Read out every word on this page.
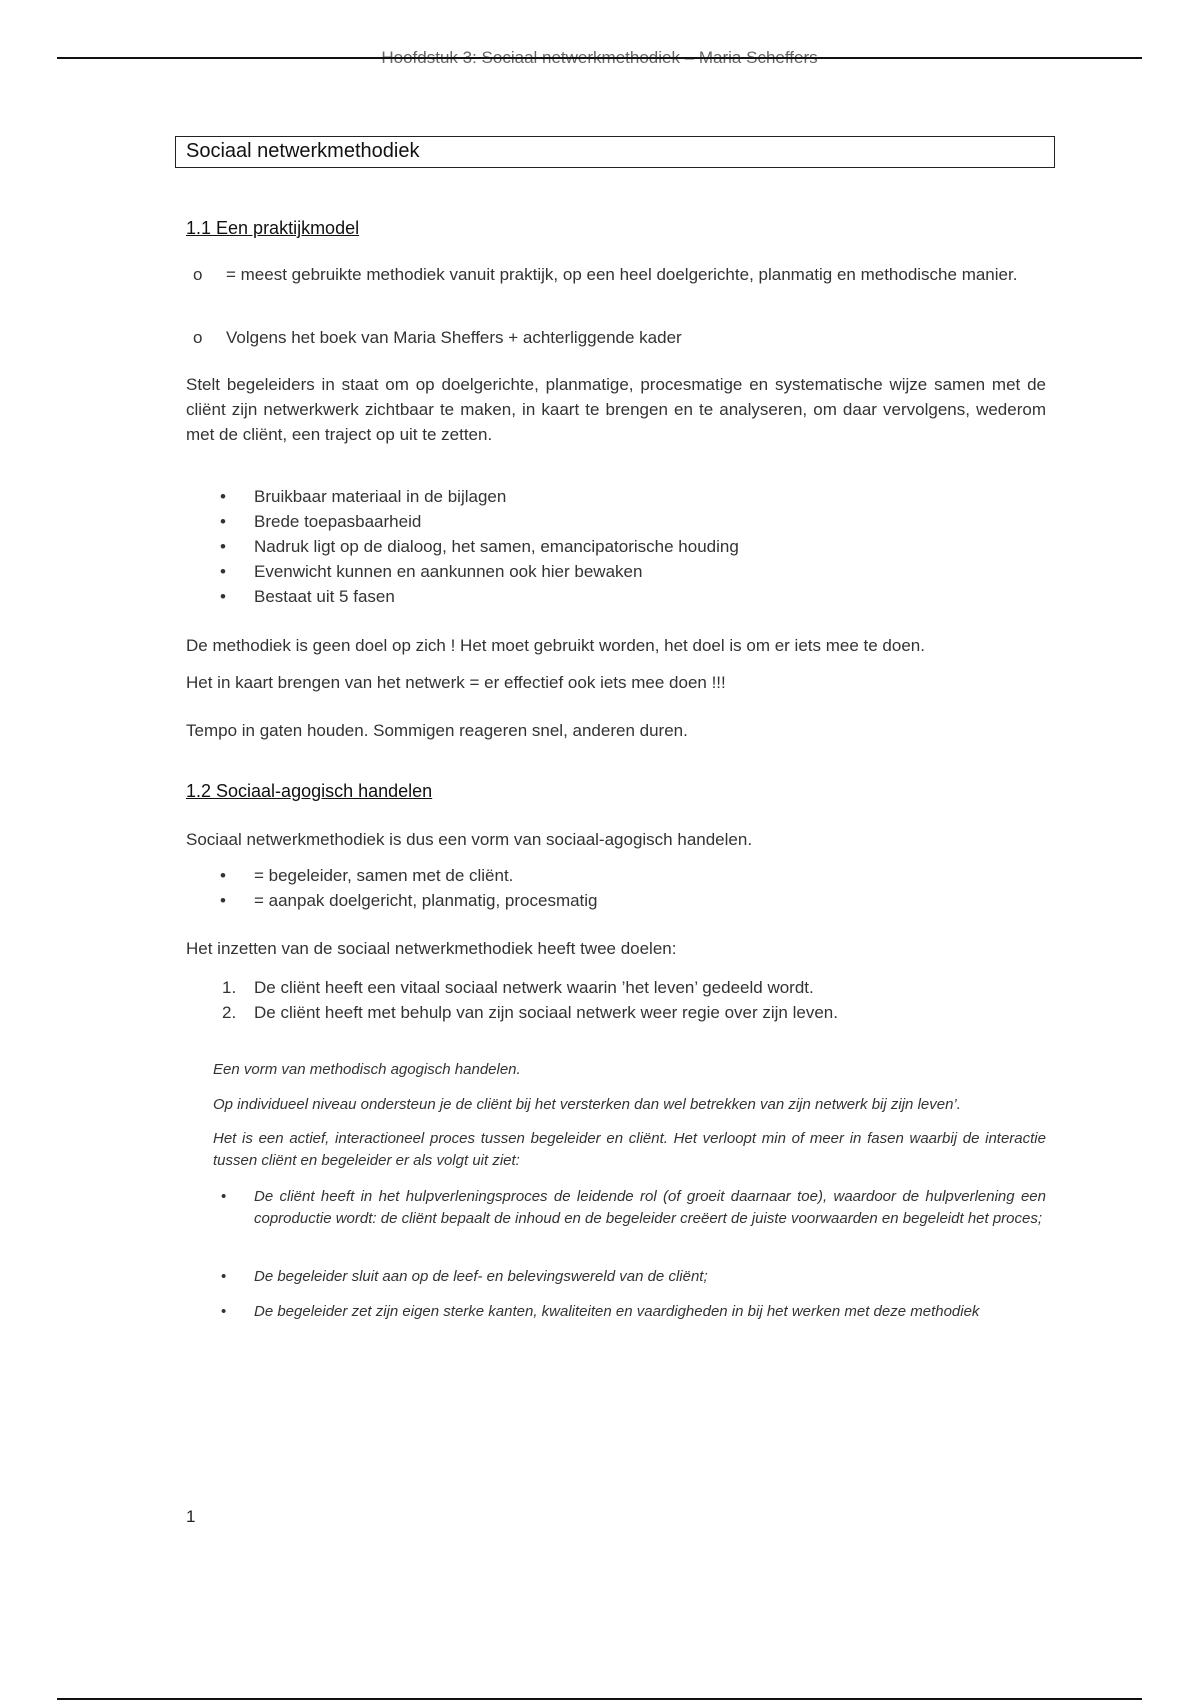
Hoofdstuk 3: Sociaal netwerkmethodiek – Maria Scheffers
Sociaal netwerkmethodiek
1.1 Een praktijkmodel
o = meest gebruikte methodiek vanuit praktijk, op een heel doelgerichte, planmatig en methodische manier.
o Volgens het boek van Maria Sheffers + achterliggende kader
Stelt begeleiders in staat om op doelgerichte, planmatige, procesmatige en systematische wijze samen met de cliënt zijn netwerkwerk zichtbaar te maken, in kaart te brengen en te analyseren, om daar vervolgens, wederom met de cliënt, een traject op uit te zetten.
• Bruikbaar materiaal in de bijlagen
• Brede toepasbaarheid
• Nadruk ligt op de dialoog, het samen, emancipatorische houding
• Evenwicht kunnen en aankunnen ook hier bewaken
• Bestaat uit 5 fasen
De methodiek is geen doel op zich ! Het moet gebruikt worden, het doel is om er iets mee te doen.
Het in kaart brengen van het netwerk = er effectief ook iets mee doen !!!
Tempo in gaten houden. Sommigen reageren snel, anderen duren.
1.2 Sociaal-agogisch handelen
Sociaal netwerkmethodiek is dus een vorm van sociaal-agogisch handelen.
• = begeleider, samen met de cliënt.
• = aanpak doelgericht, planmatig, procesmatig
Het inzetten van de sociaal netwerkmethodiek heeft twee doelen:
1. De cliënt heeft een vitaal sociaal netwerk waarin ’het leven’ gedeeld wordt.
2. De cliënt heeft met behulp van zijn sociaal netwerk weer regie over zijn leven.
Een vorm van methodisch agogisch handelen.
Op individueel niveau ondersteun je de cliënt bij het versterken dan wel betrekken van zijn netwerk bij zijn leven’.
Het is een actief, interactioneel proces tussen begeleider en cliënt. Het verloopt min of meer in fasen waarbij de interactie tussen cliënt en begeleider er als volgt uit ziet:
• De cliënt heeft in het hulpverleningsproces de leidende rol (of groeit daarnaar toe), waardoor de hulpverlening een coproductie wordt: de cliënt bepaalt de inhoud en de begeleider creëert de juiste voorwaarden en begeleidt het proces;
• De begeleider sluit aan op de leef- en belevingswereld van de cliënt;
• De begeleider zet zijn eigen sterke kanten, kwaliteiten en vaardigheden in bij het werken met deze methodiek
1
